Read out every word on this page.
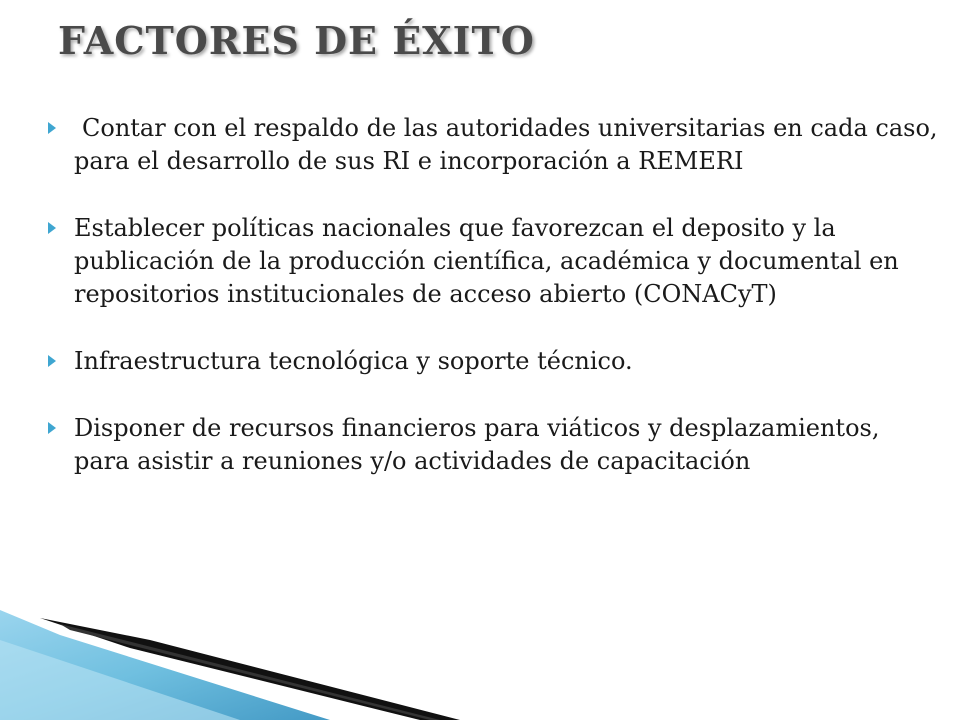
FACTORES DE ÉXITO
Contar con el respaldo de las autoridades universitarias en cada caso, para el desarrollo de sus RI e incorporación a REMERI
Establecer políticas nacionales que favorezcan el deposito y la publicación de la producción científica, académica y documental en repositorios institucionales de acceso abierto (CONACyT)
Infraestructura tecnológica y soporte técnico.
Disponer de recursos financieros para viáticos y desplazamientos, para asistir a reuniones y/o actividades de capacitación
